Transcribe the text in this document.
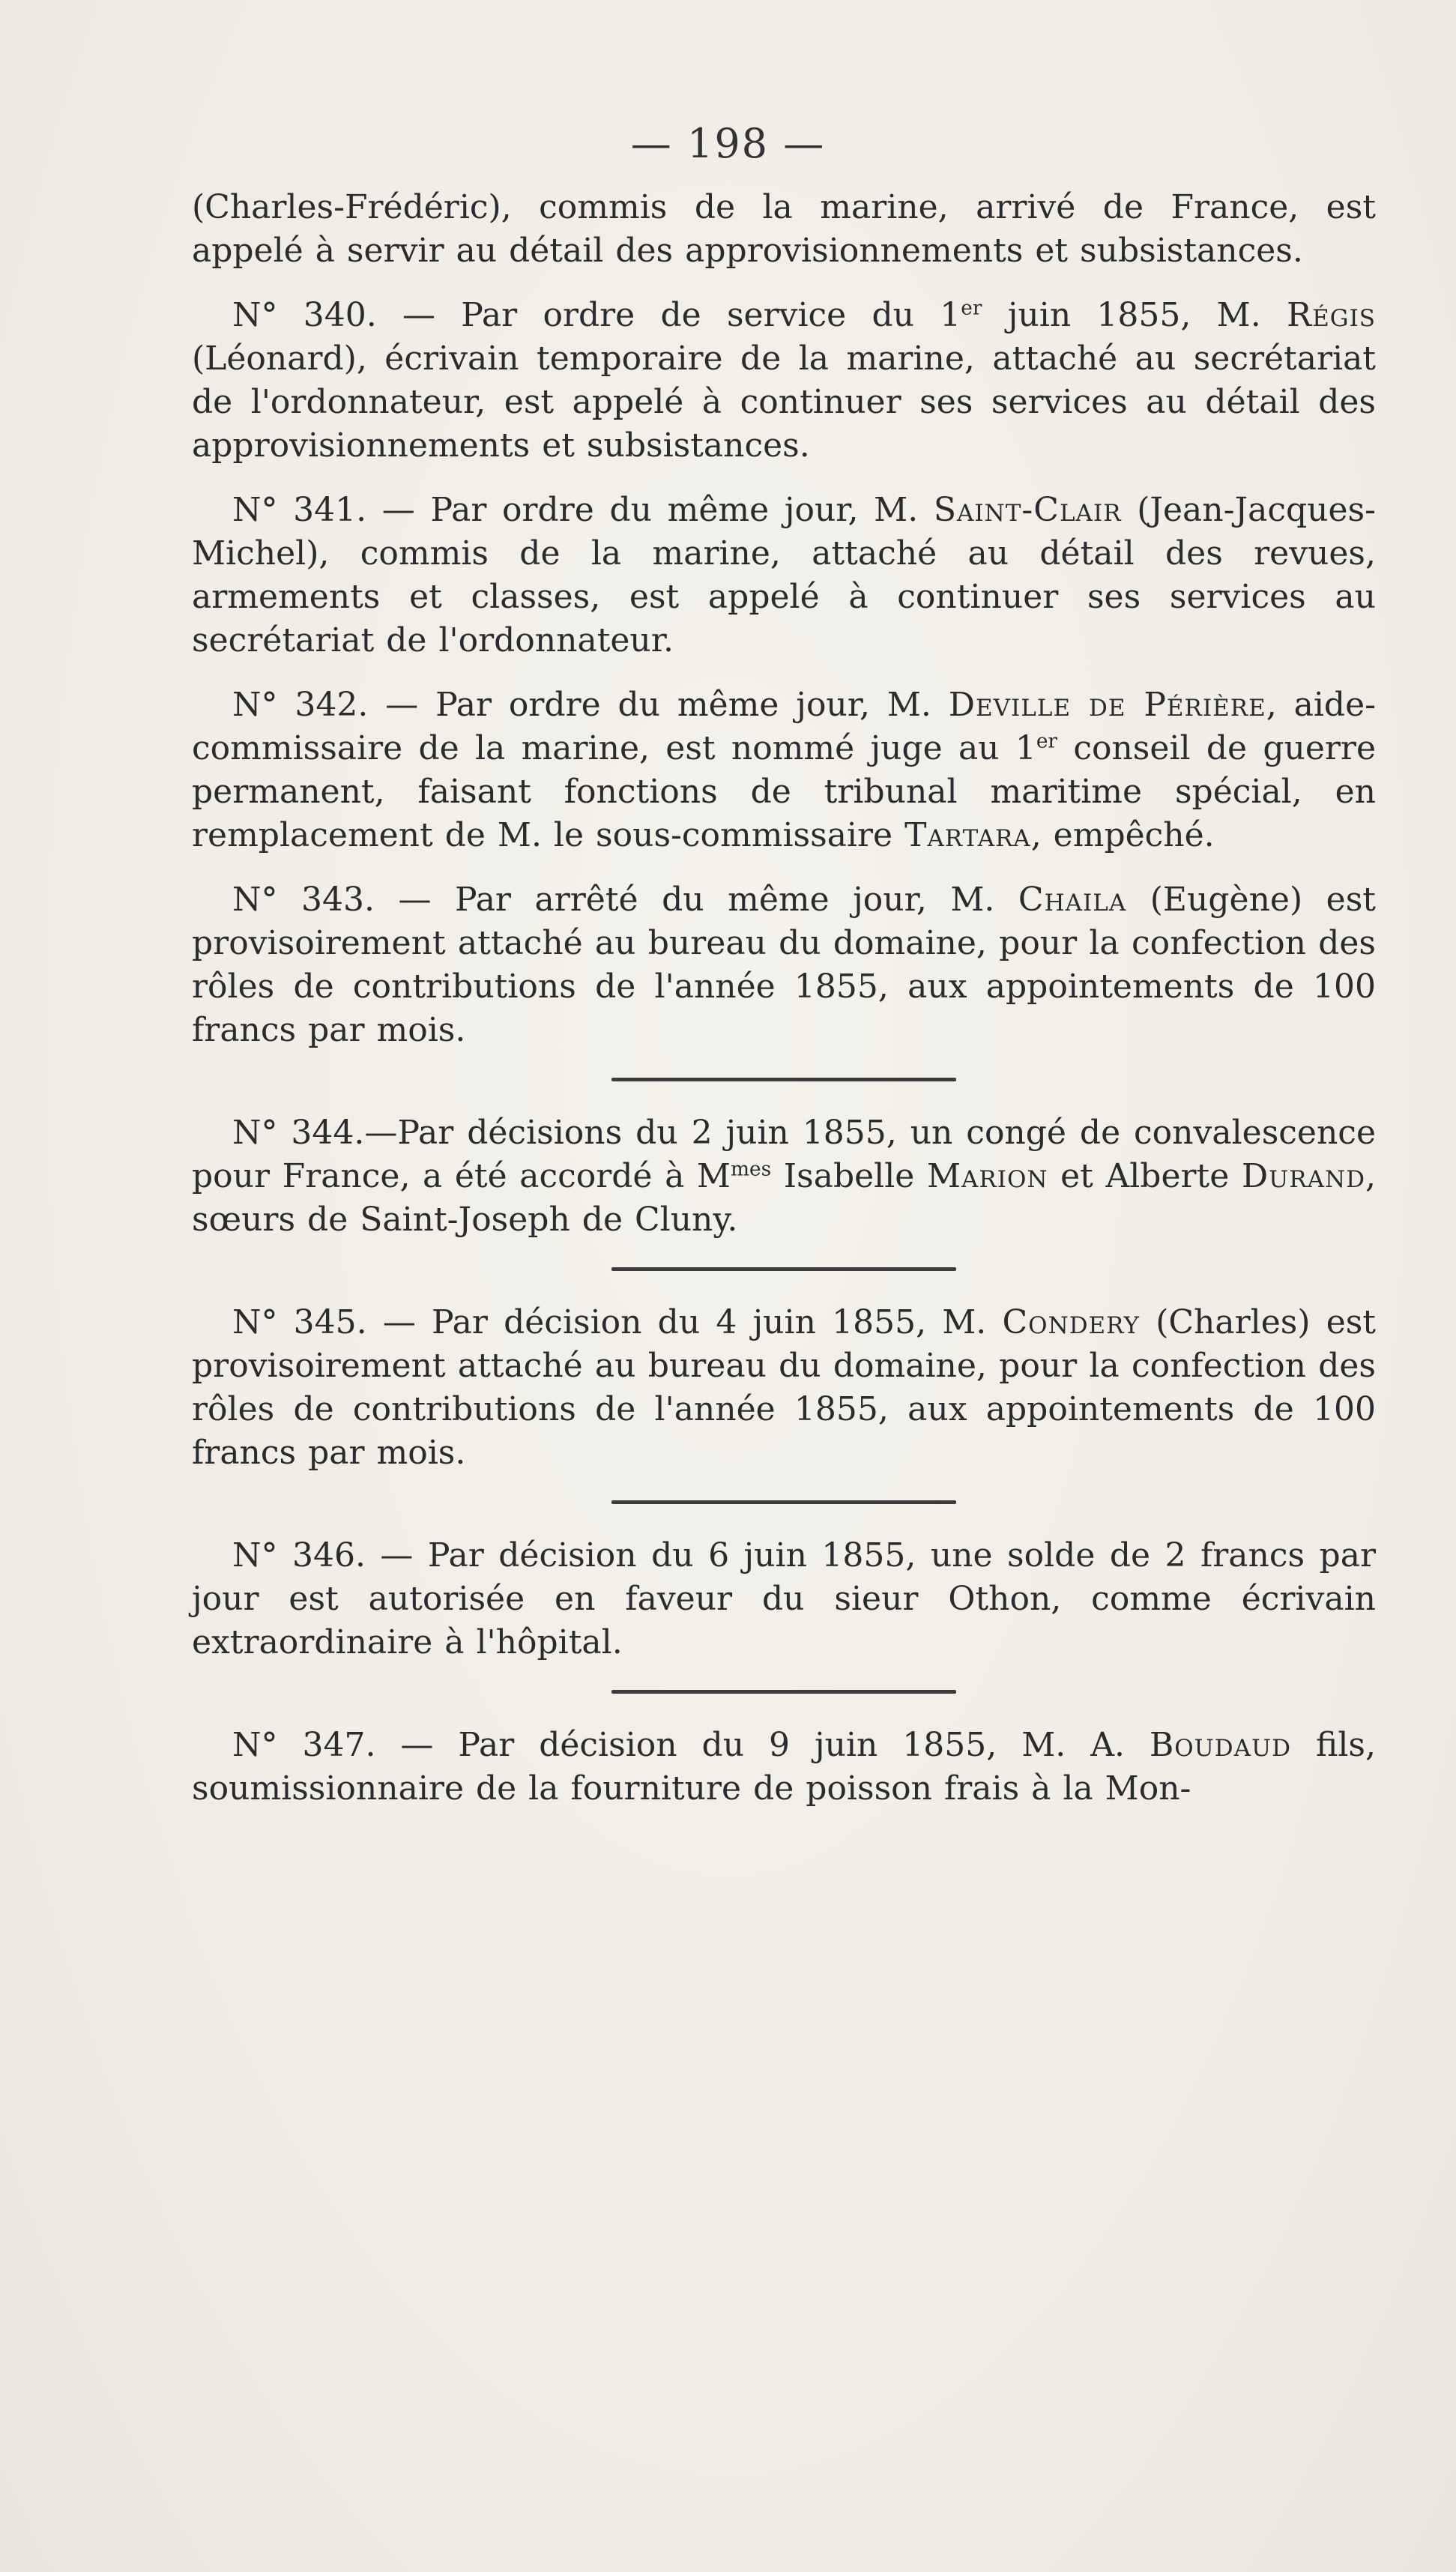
— 198 —

(Charles-Frédéric), commis de la marine, arrivé de France, est appelé à servir au détail des approvisionnements et subsistances.

N° 340. — Par ordre de service du 1er juin 1855, M. Régis (Léonard), écrivain temporaire de la marine, attaché au secrétariat de l'ordonnateur, est appelé à continuer ses services au détail des approvisionnements et subsistances.

N° 341. — Par ordre du même jour, M. Saint-Clair (Jean-Jacques-Michel), commis de la marine, attaché au détail des revues, armements et classes, est appelé à continuer ses services au secrétariat de l'ordonnateur.

N° 342. — Par ordre du même jour, M. Deville de Périère, aide-commissaire de la marine, est nommé juge au 1er conseil de guerre permanent, faisant fonctions de tribunal maritime spécial, en remplacement de M. le sous-commissaire Tartara, empêché.

N° 343. — Par arrêté du même jour, M. Chaila (Eugène) est provisoirement attaché au bureau du domaine, pour la confection des rôles de contributions de l'année 1855, aux appointements de 100 francs par mois.

N° 344.—Par décisions du 2 juin 1855, un congé de convalescence pour France, a été accordé à $M^{mes}$ Isabelle Marion et Alberte Durand, sœurs de Saint-Joseph de Cluny.

N° 345. — Par décision du 4 juin 1855, M. Condery (Charles) est provisoirement attaché au bureau du domaine, pour la confection des rôles de contributions de l'année 1855, aux appointements de 100 francs par mois.

N° 346. — Par décision du 6 juin 1855, une solde de 2 francs par jour est autorisée en faveur du sieur Othon, comme écrivain extraordinaire à l'hôpital.

N° 347. — Par décision du 9 juin 1855, M. A. Boudaud fils, soumissionnaire de la fourniture de poisson frais à la Mon-
